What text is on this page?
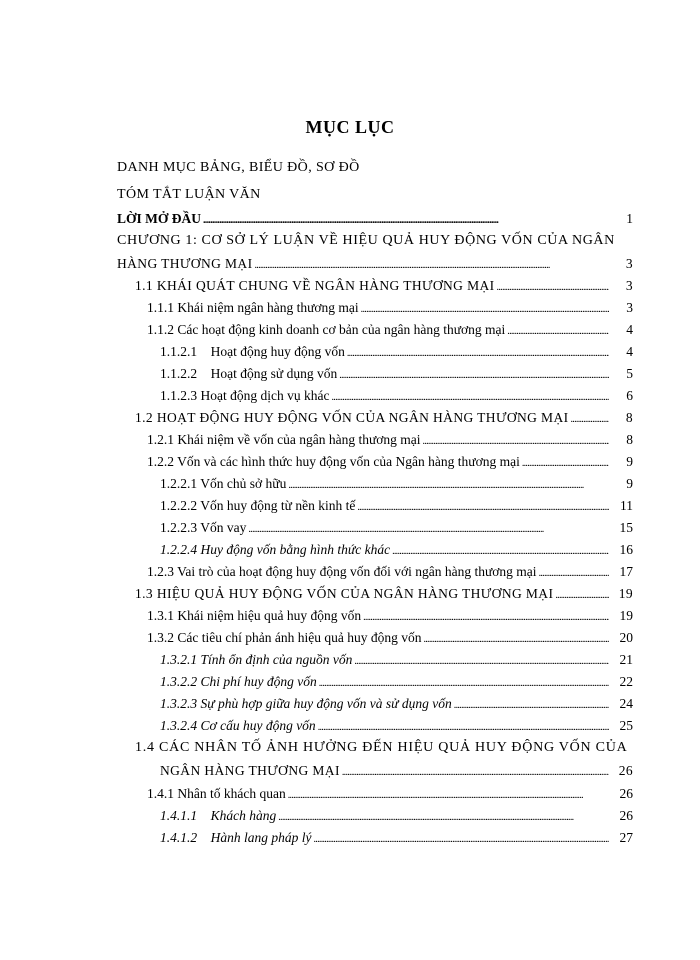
MỤC LỤC
DANH MỤC BẢNG, BIỂU ĐỒ, SƠ ĐỒ
TÓM TẮT LUẬN VĂN
LỜI MỞ ĐẦU . . .	1
CHƯƠNG 1: CƠ SỞ LÝ LUẬN VỀ HIỆU QUẢ HUY ĐỘNG VỐN CỦA NGÂN
HÀNG THƯƠNG MẠI . . .	3
1.1 KHÁI QUÁT CHUNG VỀ NGÂN HÀNG THƯƠNG MẠI . . .	3
1.1.1 Khái niệm ngân hàng thương mại . . .	3
1.1.2 Các hoạt động kinh doanh cơ bản của ngân hàng thương mại . . .	4
1.1.2.1    Hoạt động huy động vốn . . .	4
1.1.2.2    Hoạt động sử dụng vốn . . .	5
1.1.2.3 Hoạt động dịch vụ khác . . .	6
1.2 HOẠT ĐỘNG HUY ĐỘNG VỐN CỦA NGÂN HÀNG THƯƠNG MẠI . . .	8
1.2.1 Khái niệm về vốn của ngân hàng thương mại . . .	8
1.2.2 Vốn và các hình thức huy động vốn của Ngân hàng thương mại . . .	9
1.2.2.1 Vốn chủ sở hữu . . .	9
1.2.2.2 Vốn huy động từ nền kinh tế . . .	11
1.2.2.3 Vốn vay . . .	15
1.2.2.4 Huy động vốn bằng hình thức khác . . .	16
1.2.3 Vai trò của hoạt động huy động vốn đối với ngân hàng thương mại . . .	17
1.3 HIỆU QUẢ HUY ĐỘNG VỐN CỦA NGÂN HÀNG THƯƠNG MẠI . . .	19
1.3.1 Khái niệm hiệu quả huy động vốn . . .	19
1.3.2 Các tiêu chí phản ánh hiệu quả huy động vốn . . .	20
1.3.2.1 Tính ổn định của nguồn vốn . . .	21
1.3.2.2 Chi phí huy động vốn . . .	22
1.3.2.3 Sự phù hợp giữa huy động vốn và sử dụng vốn . . .	24
1.3.2.4 Cơ cấu huy động vốn . . .	25
1.4 CÁC NHÂN TỐ ẢNH HƯỞNG ĐẾN HIỆU QUẢ HUY ĐỘNG VỐN CỦA
NGÂN HÀNG THƯƠNG MẠI . . .	26
1.4.1 Nhân tố khách quan . . .	26
1.4.1.1    Khách hàng . . .	26
1.4.1.2    Hành lang pháp lý . . .	27
